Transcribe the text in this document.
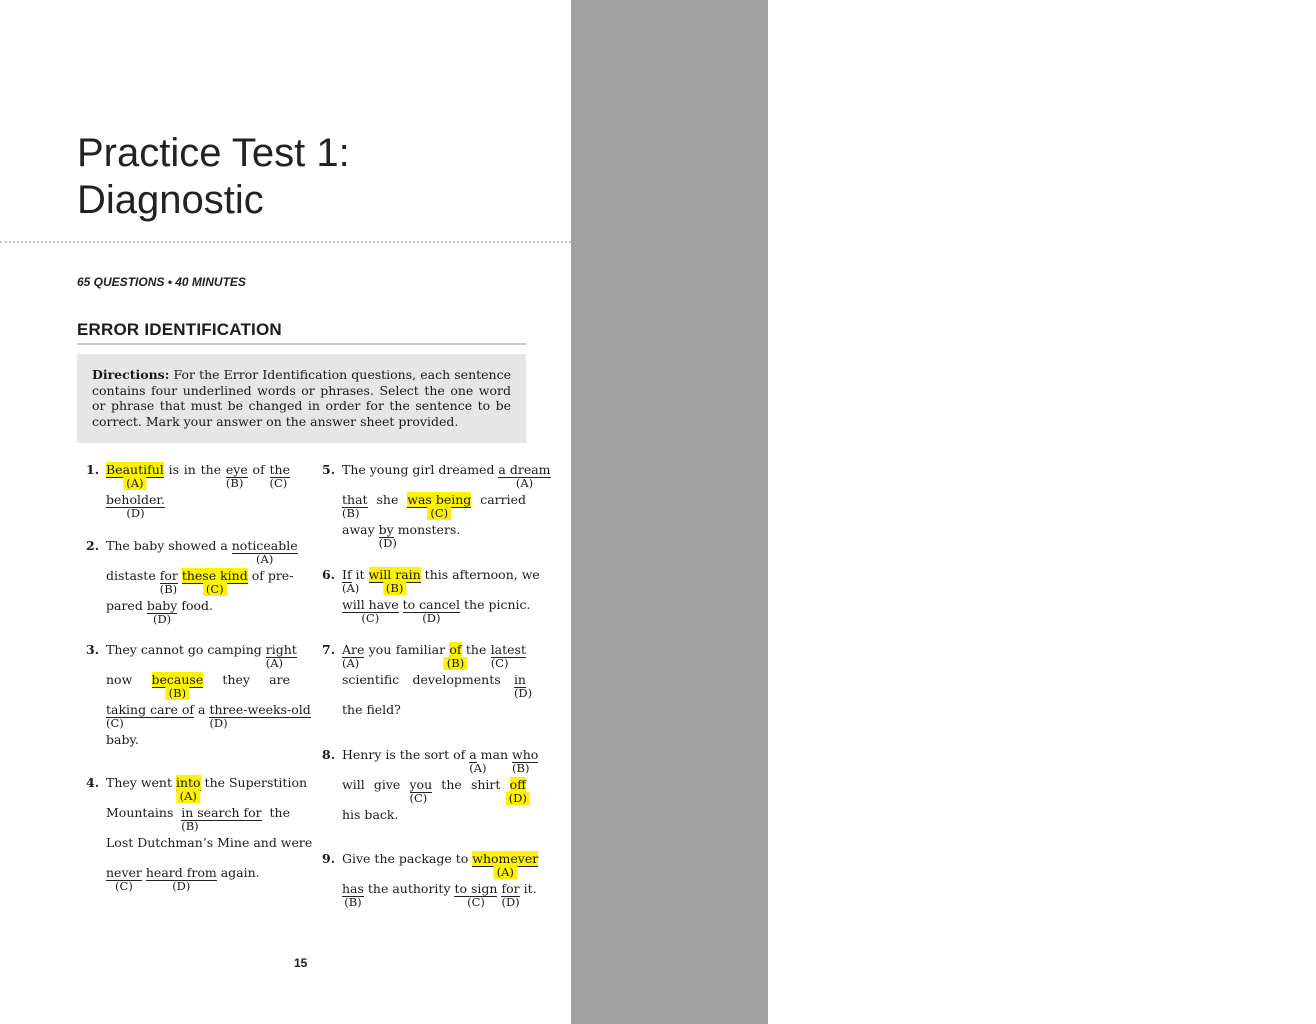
practice test 1
Practice Test 1:
Diagnostic
65 QUESTIONS • 40 MINUTES
ERROR IDENTIFICATION
Directions: For the Error Identification questions, each sentence contains four underlined words or phrases. Select the one word or phrase that must be changed in order for the sentence to be correct. Mark your answer on the answer sheet provided.
1. Beautiful
(A)
is in the eye
(B)
of the
(C)
beholder.
(D)
2. The baby showed a noticeable
(A)
distaste for
(B)
these kind
(C)
of pre-
pared baby
(D)
food.
3. They cannot go camping right
(A)
now because
(B)
they are
taking care of
(C)
a three-weeks-old
(D)
baby.
4. They went into
(A)
the Superstition
Mountains in search for
(B)
the
Lost Dutchman’s Mine and were
never
(C)
heard from
(D)
again.
5. The young girl dreamed a dream
(A)
that
(B)
she was being
(C)
carried
away by
(D)
monsters.
6. If
(A)
it will rain
(B)
this afternoon, we
will have
(C)
to cancel
(D)
the picnic.
7. Are
(A)
you familiar of
(B)
the latest
(C)
scientific developments in
(D)
the field?
8. Henry is the sort of a
(A)
man who
(B)
will give you
(C)
the shirt off
(D)
his back.
9. Give the package to whomever
(A)
has
(B)
the authority to sign
(C)
for
(D)
it.
15
